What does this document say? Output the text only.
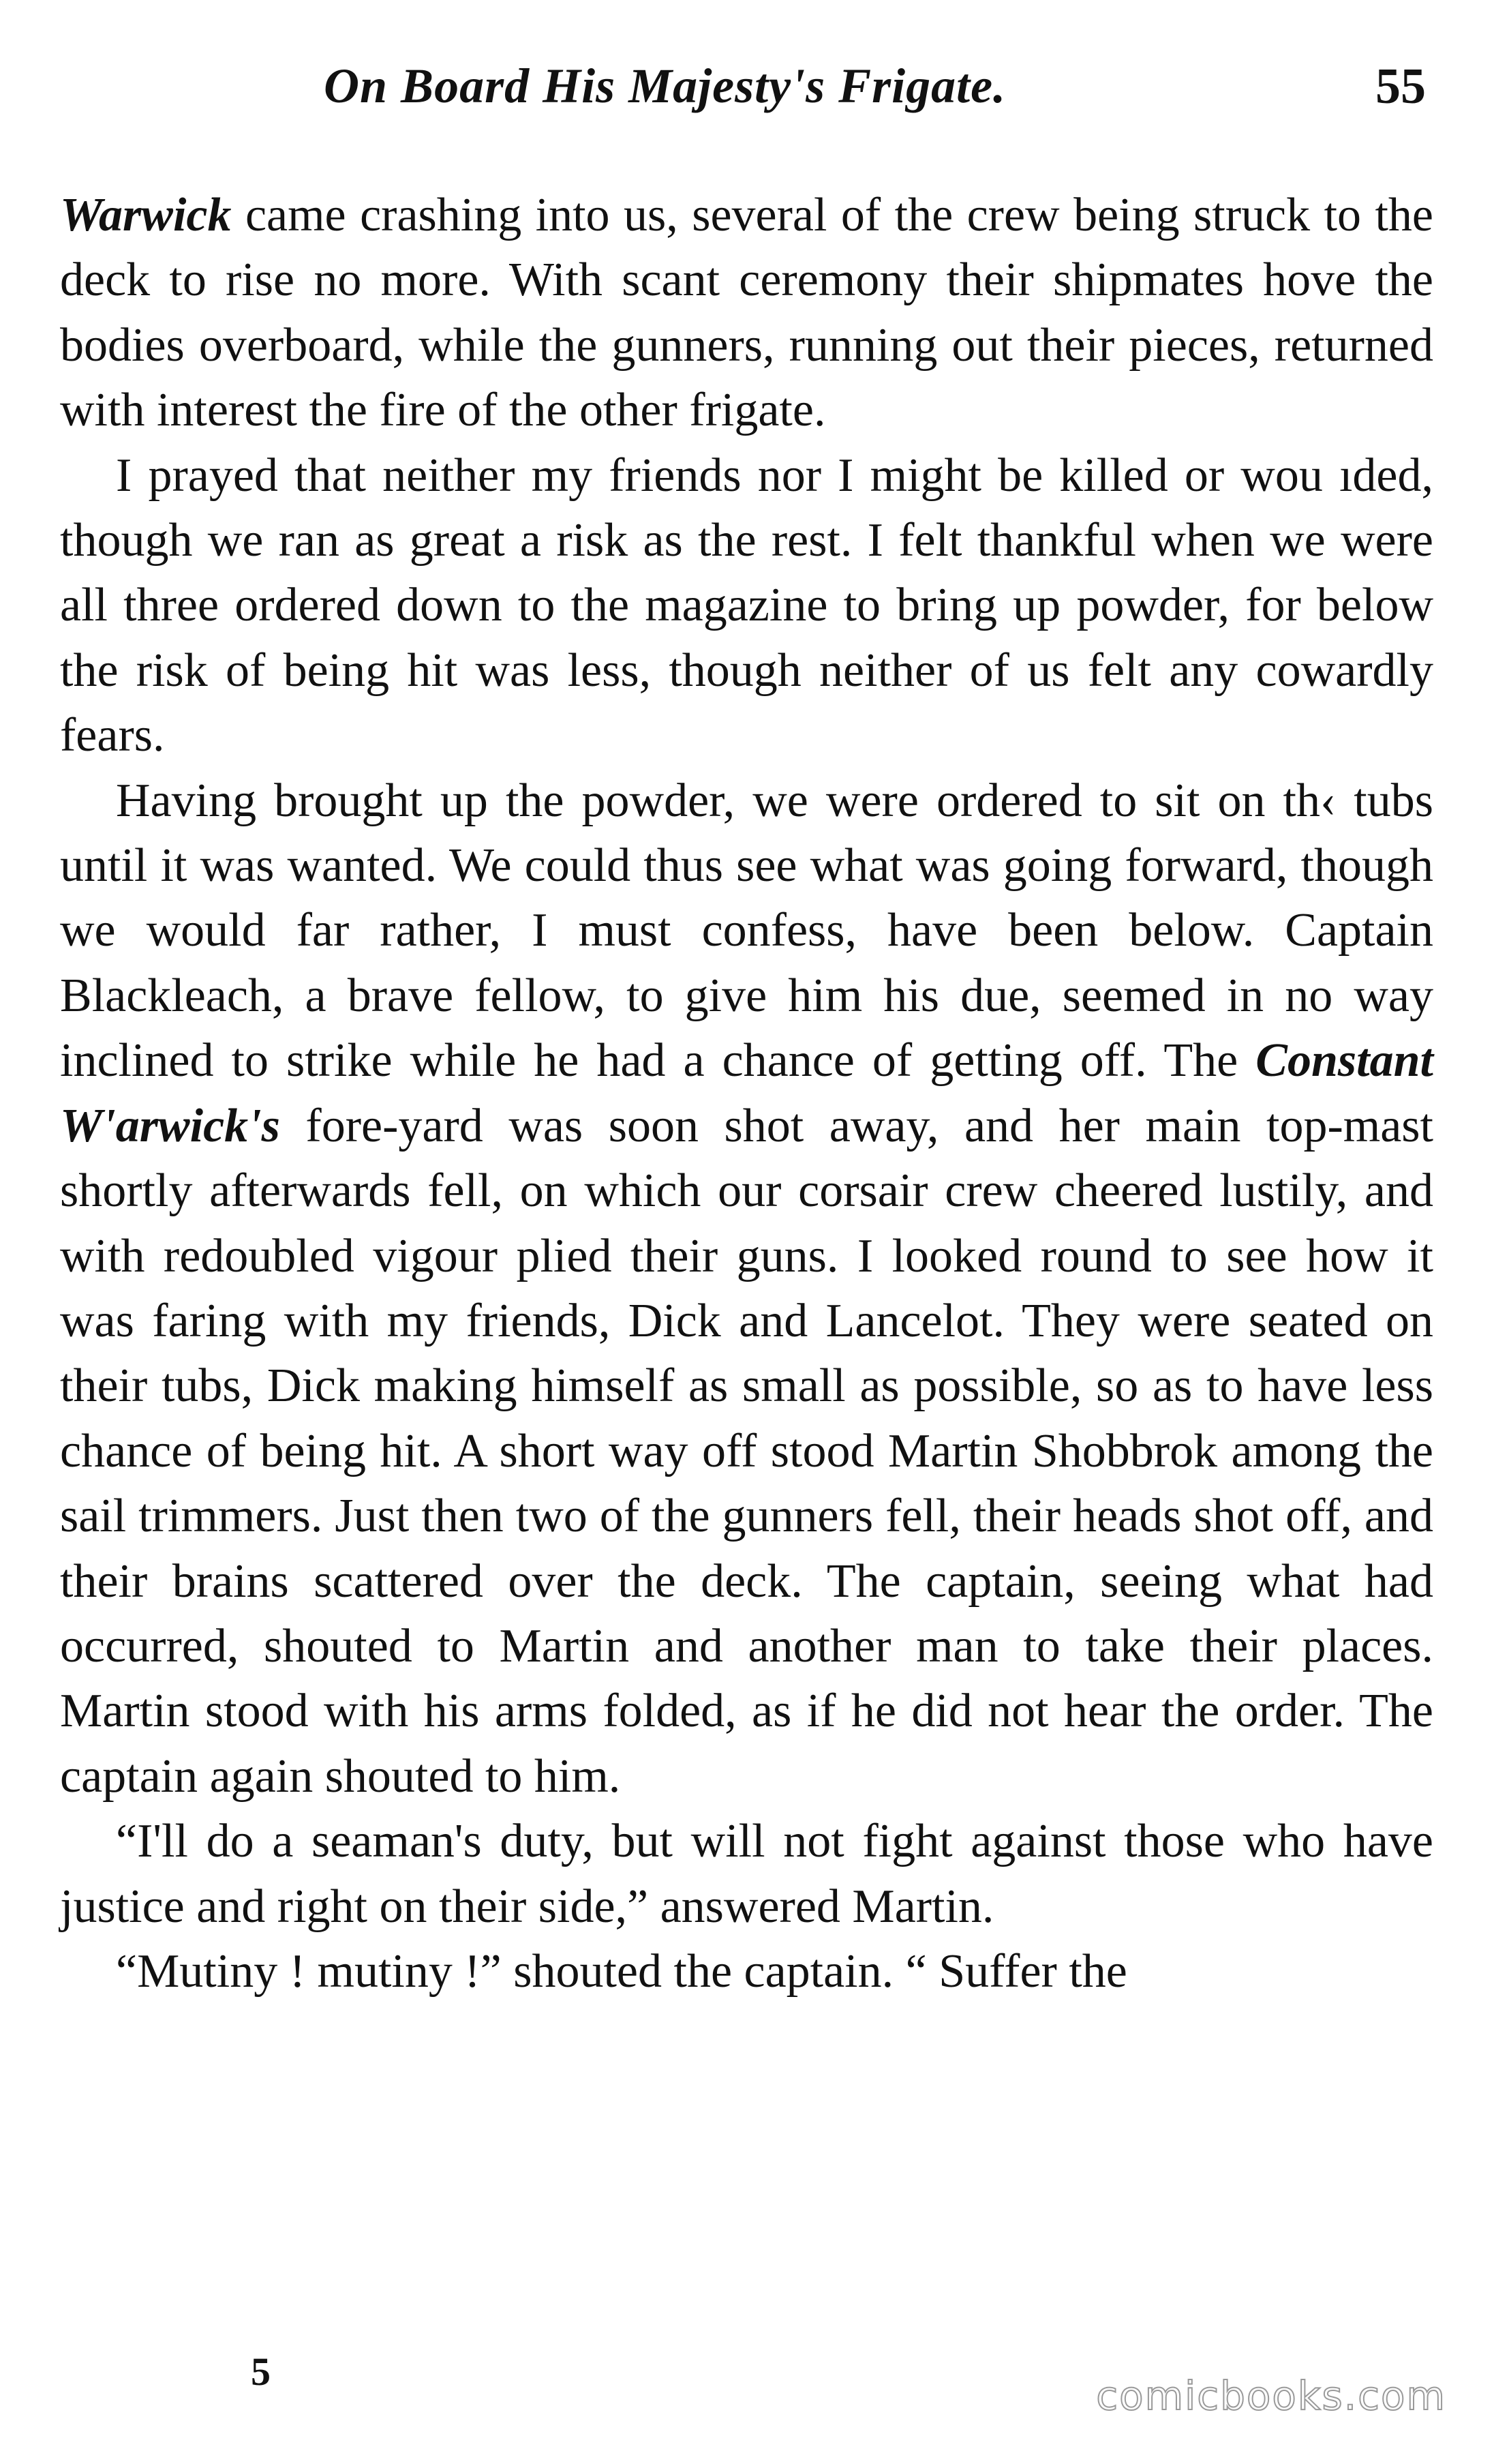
On Board His Majesty's Frigate.	55

Warwick came crashing into us, several of the crew being struck to the deck to rise no more. With scant ceremony their shipmates hove the bodies overboard, while the gunners, running out their pieces, returned with interest the fire of the other frigate.

I prayed that neither my friends nor I might be killed or wou ıded, though we ran as great a risk as the rest. I felt thankful when we were all three ordered down to the magazine to bring up powder, for below the risk of being hit was less, though neither of us felt any cowardly fears.

Having brought up the powder, we were ordered to sit on th‹ tubs until it was wanted. We could thus see what was going forward, though we would far rather, I must confess, have been below. Captain Blackleach, a brave fellow, to give him his due, seemed in no way inclined to strike while he had a chance of getting off. The Constant W'arwick's fore-yard was soon shot away, and her main top-mast shortly afterwards fell, on which our corsair crew cheered lustily, and with redoubled vigour plied their guns. I looked round to see how it was faring with my friends, Dick and Lancelot. They were seated on their tubs, Dick making himself as small as possible, so as to have less chance of being hit. A short way off stood Martin Shobbrok among the sail trimmers. Just then two of the gunners fell, their heads shot off, and their brains scattered over the deck. The captain, seeing what had occurred, shouted to Martin and another man to take their places. Martin stood with his arms folded, as if he did not hear the order. The captain again shouted to him.

“I'll do a seaman's duty, but will not fight against those who have justice and right on their side,” answered Martin.

“Mutiny ! mutiny !” shouted the captain. “ Suffer the

5
comicbooks.com
